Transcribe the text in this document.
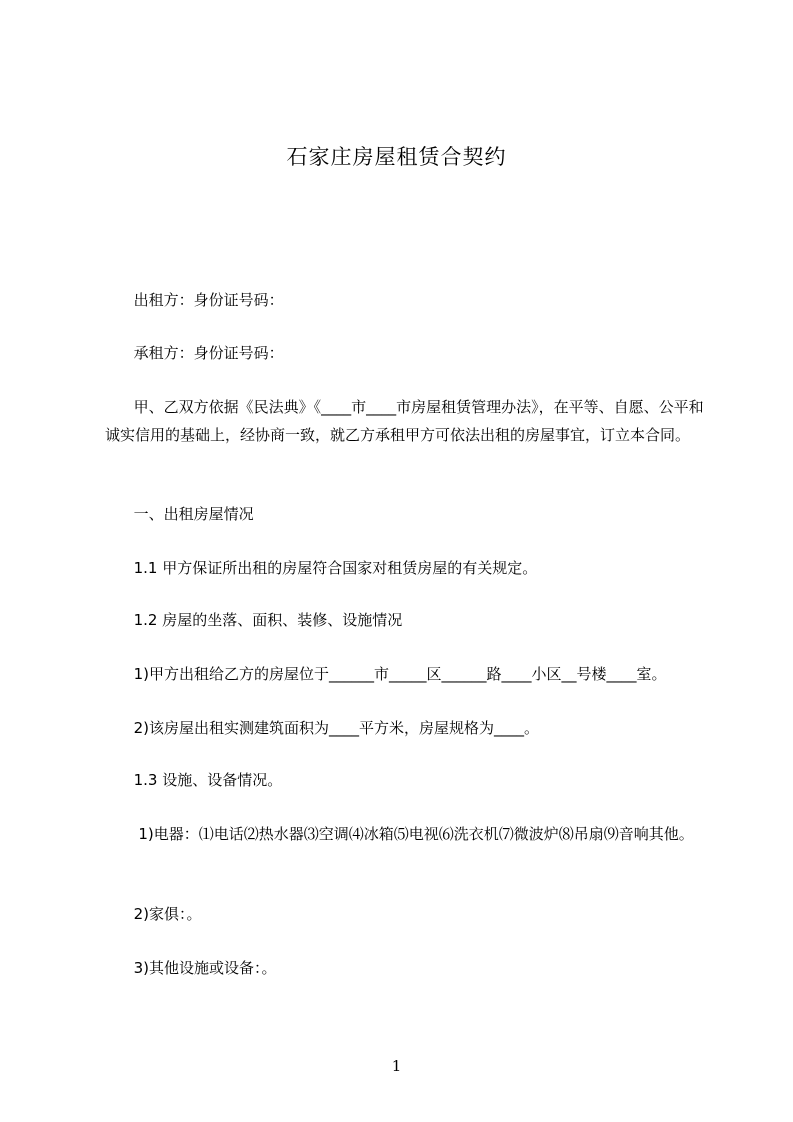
石家庄房屋租赁合契约
出租方：身份证号码：
承租方：身份证号码：
甲、乙双方依据《民法典》《____市____市房屋租赁管理办法》，在平等、自愿、公平和诚实信用的基础上，经协商一致，就乙方承租甲方可依法出租的房屋事宜，订立本合同。
一、出租房屋情况
1.1 甲方保证所出租的房屋符合国家对租赁房屋的有关规定。
1.2 房屋的坐落、面积、装修、设施情况
1)甲方出租给乙方的房屋位于______市_____区______路____小区__号楼____室。
2)该房屋出租实测建筑面积为____平方米，房屋规格为____。
1.3 设施、设备情况。
1)电器：⑴电话⑵热水器⑶空调⑷冰箱⑸电视⑹洗衣机⑺微波炉⑻吊扇⑼音响其他。
2)家俱：。
3)其他设施或设备：。
1
